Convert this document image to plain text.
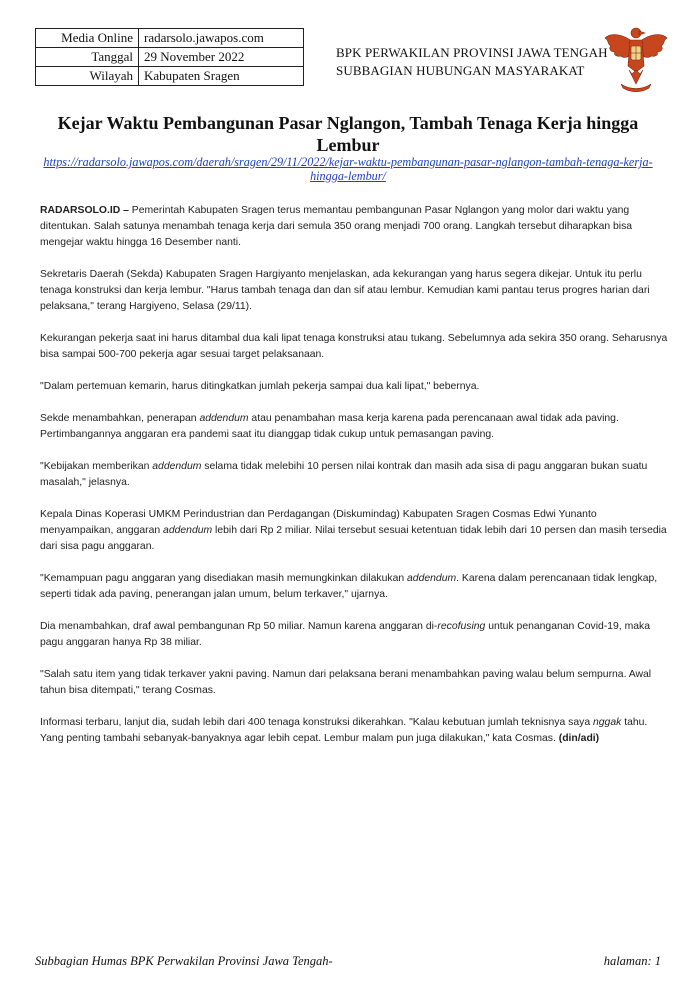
Media Online	radarsolo.jawapos.com
Tanggal	29 November 2022
Wilayah	Kabupaten Sragen
BPK PERWAKILAN PROVINSI JAWA TENGAH
SUBBAGIAN HUBUNGAN MASYARAKAT
Kejar Waktu Pembangunan Pasar Nglangon, Tambah Tenaga Kerja hingga Lembur
https://radarsolo.jawapos.com/daerah/sragen/29/11/2022/kejar-waktu-pembangunan-pasar-nglangon-tambah-tenaga-kerja-hingga-lembur/

RADARSOLO.ID – Pemerintah Kabupaten Sragen terus memantau pembangunan Pasar Nglangon yang molor dari waktu yang ditentukan. Salah satunya menambah tenaga kerja dari semula 350 orang menjadi 700 orang. Langkah tersebut diharapkan bisa mengejar waktu hingga 16 Desember nanti.

Sekretaris Daerah (Sekda) Kabupaten Sragen Hargiyanto menjelaskan, ada kekurangan yang harus segera dikejar. Untuk itu perlu tenaga konstruksi dan kerja lembur. "Harus tambah tenaga dan dan sif atau lembur. Kemudian kami pantau terus progres harian dari pelaksana," terang Hargiyeno, Selasa (29/11).

Kekurangan pekerja saat ini harus ditambal dua kali lipat tenaga konstruksi atau tukang. Sebelumnya ada sekira 350 orang. Seharusnya bisa sampai 500-700 pekerja agar sesuai target pelaksanaan.

"Dalam pertemuan kemarin, harus ditingkatkan jumlah pekerja sampai dua kali lipat," bebernya.

Sekde menambahkan, penerapan addendum atau penambahan masa kerja karena pada perencanaan awal tidak ada paving. Pertimbangannya anggaran era pandemi saat itu dianggap tidak cukup untuk pemasangan paving.

"Kebijakan memberikan addendum selama tidak melebihi 10 persen nilai kontrak dan masih ada sisa di pagu anggaran bukan suatu masalah," jelasnya.

Kepala Dinas Koperasi UMKM Perindustrian dan Perdagangan (Diskumindag) Kabupaten Sragen Cosmas Edwi Yunanto menyampaikan, anggaran addendum lebih dari Rp 2 miliar. Nilai tersebut sesuai ketentuan tidak lebih dari 10 persen dan masih tersedia dari sisa pagu anggaran.

"Kemampuan pagu anggaran yang disediakan masih memungkinkan dilakukan addendum. Karena dalam perencanaan tidak lengkap, seperti tidak ada paving, penerangan jalan umum, belum terkaver," ujarnya.

Dia menambahkan, draf awal pembangunan Rp 50 miliar. Namun karena anggaran di-recofusing untuk penanganan Covid-19, maka pagu anggaran hanya Rp 38 miliar.

"Salah satu item yang tidak terkaver yakni paving. Namun dari pelaksana berani menambahkan paving walau belum sempurna. Awal tahun bisa ditempati," terang Cosmas.

Informasi terbaru, lanjut dia, sudah lebih dari 400 tenaga konstruksi dikerahkan. "Kalau kebutuan jumlah teknisnya saya nggak tahu. Yang penting tambahi sebanyak-banyaknya agar lebih cepat. Lembur malam pun juga dilakukan," kata Cosmas. (din/adi)

Subbagian Humas BPK Perwakilan Provinsi Jawa Tengah-	halaman: 1
